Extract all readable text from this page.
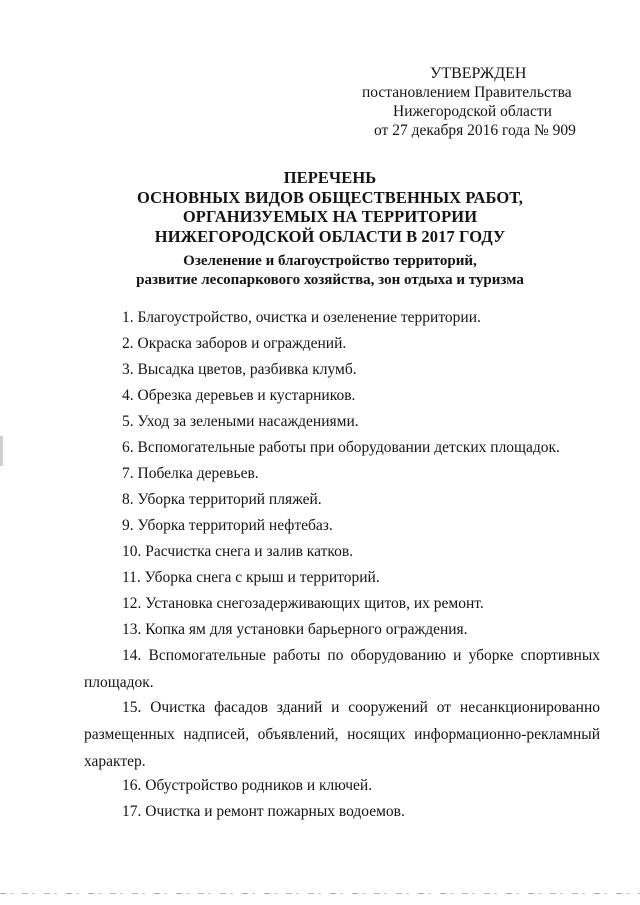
УТВЕРЖДЕН
постановлением Правительства
Нижегородской области
от 27 декабря 2016 года № 909
ПЕРЕЧЕНЬ
ОСНОВНЫХ ВИДОВ ОБЩЕСТВЕННЫХ РАБОТ,
ОРГАНИЗУЕМЫХ НА ТЕРРИТОРИИ
НИЖЕГОРОДСКОЙ ОБЛАСТИ В 2017 ГОДУ
Озеленение и благоустройство территорий,
развитие лесопаркового хозяйства, зон отдыха и туризма
1. Благоустройство, очистка и озеленение территории.
2. Окраска заборов и ограждений.
3. Высадка цветов, разбивка клумб.
4. Обрезка деревьев и кустарников.
5. Уход за зелеными насаждениями.
6. Вспомогательные работы при оборудовании детских площадок.
7. Побелка деревьев.
8. Уборка территорий пляжей.
9. Уборка территорий нефтебаз.
10. Расчистка снега и залив катков.
11. Уборка снега с крыш и территорий.
12. Установка снегозадерживающих щитов, их ремонт.
13. Копка ям для установки барьерного ограждения.
14. Вспомогательные работы по оборудованию и уборке спортивных площадок.
15. Очистка фасадов зданий и сооружений от несанкционированно размещенных надписей, объявлений, носящих информационно-рекламный характер.
16. Обустройство родников и ключей.
17. Очистка и ремонт пожарных водоемов.
